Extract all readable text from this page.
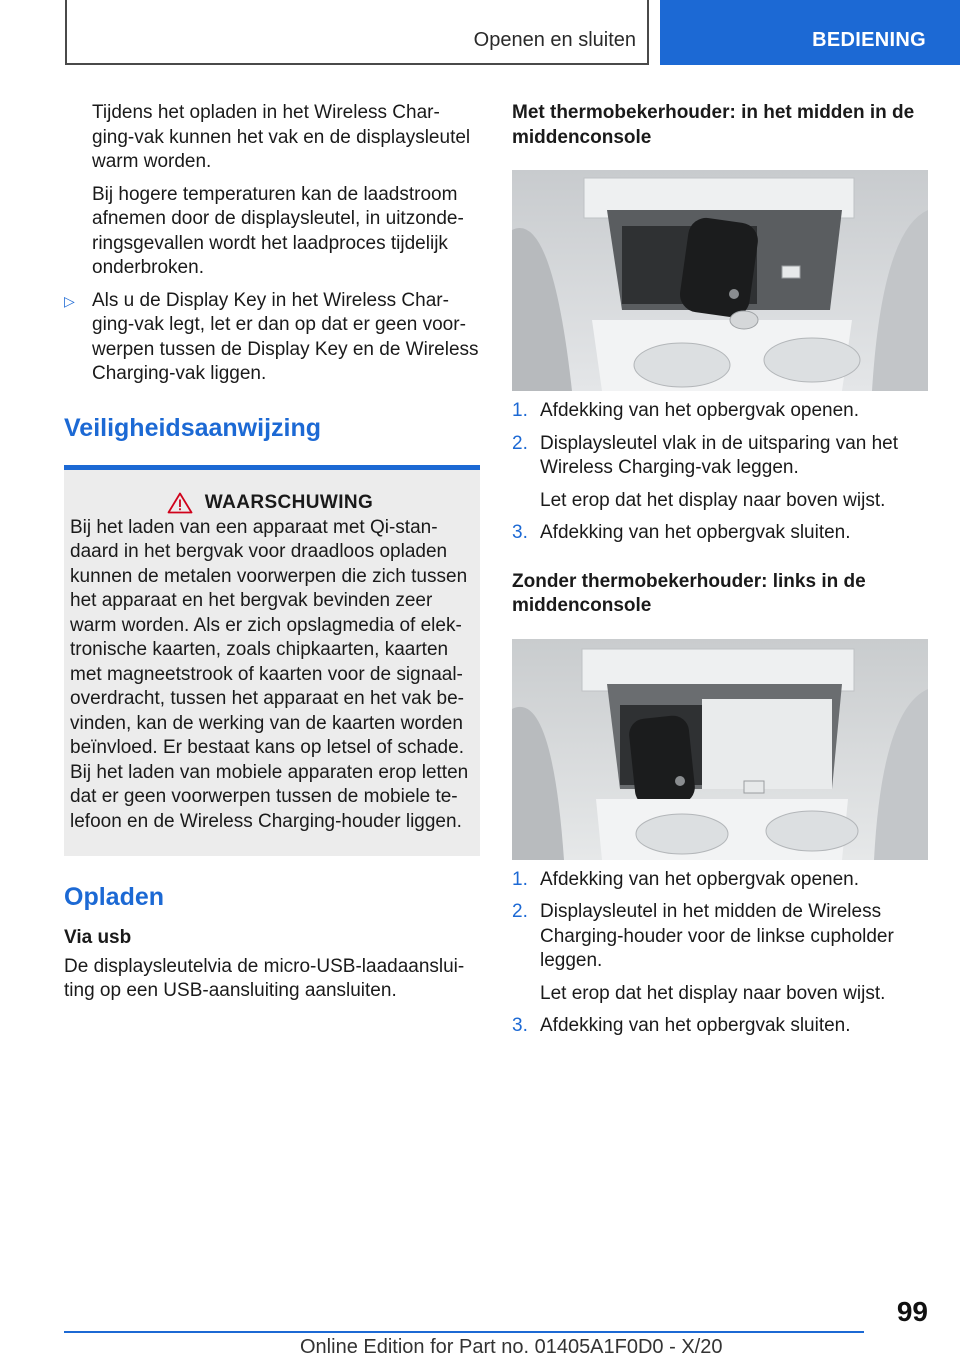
Openen en sluiten	BEDIENING

Tijdens het opladen in het Wireless Char-ging-vak kunnen het vak en de displaysleutel warm worden.

Bij hogere temperaturen kan de laadstroom afnemen door de displaysleutel, in uitzonde-ringsgevallen wordt het laadproces tijdelijk onderbroken.

▷ Als u de Display Key in het Wireless Char-ging-vak legt, let er dan op dat er geen voor-werpen tussen de Display Key en de Wireless Charging-vak liggen.
Veiligheidsaanwijzing
WAARSCHUWING

Bij het laden van een apparaat met Qi-stan-daard in het bergvak voor draadloos opladen kunnen de metalen voorwerpen die zich tussen het apparaat en het bergvak bevinden zeer warm worden. Als er zich opslagmedia of elek-tronische kaarten, zoals chipkaarten, kaarten met magneetstrook of kaarten voor de signaal-overdracht, tussen het apparaat en het vak be-vinden, kan de werking van de kaarten worden beïnvloed. Er bestaat kans op letsel of schade. Bij het laden van mobiele apparaten erop letten dat er geen voorwerpen tussen de mobiele te-lefoon en de Wireless Charging-houder liggen.

Opladen
Via usb

De displaysleutelvia de micro-USB-laadaanslui-ting op een USB-aansluiting aansluiten.

Met thermobekerhouder: in het midden in de middenconsole
1. Afdekking van het opbergvak openen.
2. Displaysleutel vlak in de uitsparing van het Wireless Charging-vak leggen.

Let erop dat het display naar boven wijst.

3. Afdekking van het opbergvak sluiten.
Zonder thermobekerhouder: links in de middenconsole
1. Afdekking van het opbergvak openen.
2. Displaysleutel in het midden de Wireless Charging-houder voor de linkse cupholder leggen.

Let erop dat het display naar boven wijst.

3. Afdekking van het opbergvak sluiten.
99
Online Edition for Part no. 01405A1F0D0 - X/20
